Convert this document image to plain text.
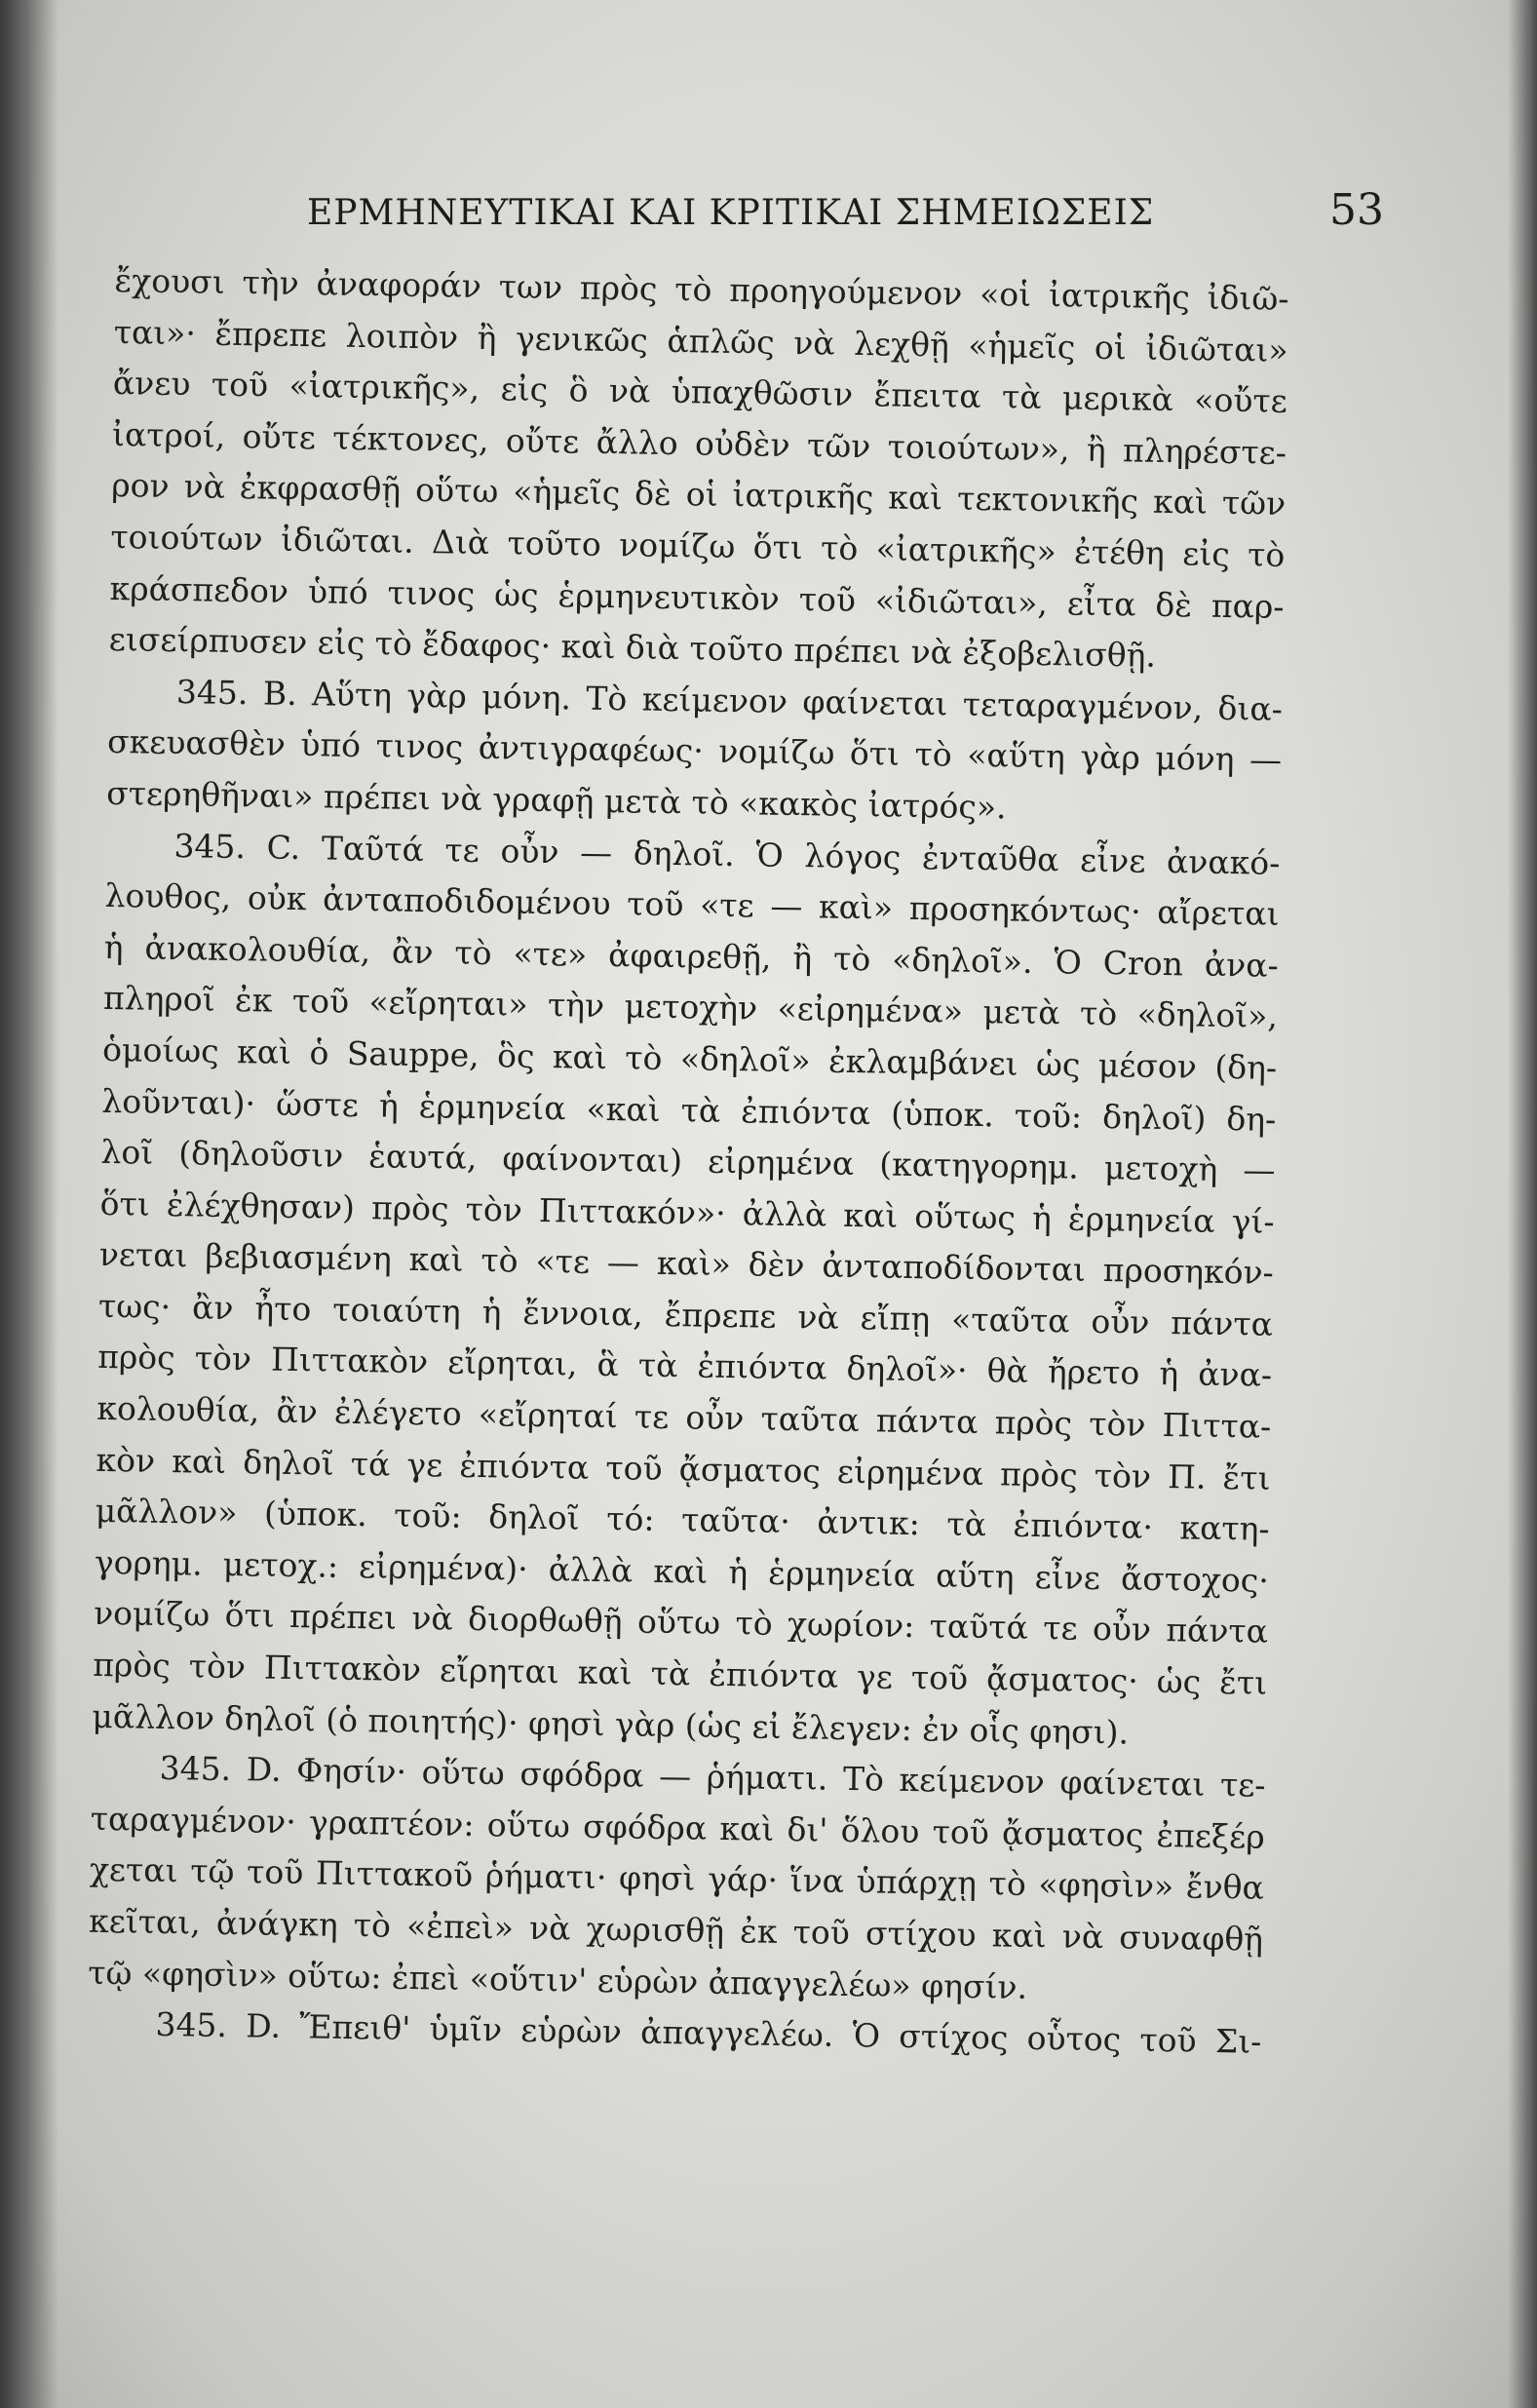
ΕΡΜΗΝΕΥΤΙΚΑΙ ΚΑΙ ΚΡΙΤΙΚΑΙ ΣΗΜΕΙΩΣΕΙΣ	53
ἔχουσι τὴν ἀναφοράν των πρὸς τὸ προηγούμενον «οἱ ἰατρικῆς ἰδιῶ-
ται»· ἔπρεπε λοιπὸν ἢ γενικῶς ἁπλῶς νὰ λεχθῇ «ἡμεῖς οἱ ἰδιῶται»
ἄνευ τοῦ «ἰατρικῆς», εἰς ὃ νὰ ὑπαχθῶσιν ἔπειτα τὰ μερικὰ «οὔτε
ἰατροί, οὔτε τέκτονες, οὔτε ἄλλο οὐδὲν τῶν τοιούτων», ἢ πληρέστε-
ρον νὰ ἐκφρασθῇ οὕτω «ἡμεῖς δὲ οἱ ἰατρικῆς καὶ τεκτονικῆς καὶ τῶν
τοιούτων ἰδιῶται. Διὰ τοῦτο νομίζω ὅτι τὸ «ἰατρικῆς» ἐτέθη εἰς τὸ
κράσπεδον ὑπό τινος ὡς ἑρμηνευτικὸν τοῦ «ἰδιῶται», εἶτα δὲ παρ-
εισείρπυσεν εἰς τὸ ἔδαφος· καὶ διὰ τοῦτο πρέπει νὰ ἐξοβελισθῇ.
345. Β. Αὕτη γὰρ μόνη. Τὸ κείμενον φαίνεται τεταραγμένον, δια-
σκευασθὲν ὑπό τινος ἀντιγραφέως· νομίζω ὅτι τὸ «αὕτη γὰρ μόνη —
στερηθῆναι» πρέπει νὰ γραφῇ μετὰ τὸ «κακὸς ἰατρός».
345. C. Ταῦτά τε οὖν — δηλοῖ. Ὁ λόγος ἐνταῦθα εἶνε ἀνακό-
λουθος, οὐκ ἀνταποδιδομένου τοῦ «τε — καὶ» προσηκόντως· αἴρεται
ἡ ἀνακολουθία, ἂν τὸ «τε» ἀφαιρεθῇ, ἢ τὸ «δηλοῖ». Ὁ Cron ἀνα-
πληροῖ ἐκ τοῦ «εἴρηται» τὴν μετοχὴν «εἰρημένα» μετὰ τὸ «δηλοῖ»,
ὁμοίως καὶ ὁ Sauppe, ὃς καὶ τὸ «δηλοῖ» ἐκλαμβάνει ὡς μέσον (δη-
λοῦνται)· ὥστε ἡ ἑρμηνεία «καὶ τὰ ἐπιόντα (ὑποκ. τοῦ: δηλοῖ) δη-
λοῖ (δηλοῦσιν ἑαυτά, φαίνονται) εἰρημένα (κατηγορημ. μετοχὴ —
ὅτι ἐλέχθησαν) πρὸς τὸν Πιττακόν»· ἀλλὰ καὶ οὕτως ἡ ἑρμηνεία γί-
νεται βεβιασμένη καὶ τὸ «τε — καὶ» δὲν ἀνταποδίδονται προσηκόν-
τως· ἂν ἦτο τοιαύτη ἡ ἔννοια, ἔπρεπε νὰ εἴπῃ «ταῦτα οὖν πάντα
πρὸς τὸν Πιττακὸν εἴρηται, ἃ τὰ ἐπιόντα δηλοῖ»· θὰ ἤρετο ἡ ἀνα-
κολουθία, ἂν ἐλέγετο «εἴρηταί τε οὖν ταῦτα πάντα πρὸς τὸν Πιττα-
κὸν καὶ δηλοῖ τά γε ἐπιόντα τοῦ ᾄσματος εἰρημένα πρὸς τὸν Π. ἔτι
μᾶλλον» (ὑποκ. τοῦ: δηλοῖ τό: ταῦτα· ἀντικ: τὰ ἐπιόντα· κατη-
γορημ. μετοχ.: εἰρημένα)· ἀλλὰ καὶ ἡ ἑρμηνεία αὕτη εἶνε ἄστοχος·
νομίζω ὅτι πρέπει νὰ διορθωθῇ οὕτω τὸ χωρίον: ταῦτά τε οὖν πάντα
πρὸς τὸν Πιττακὸν εἴρηται καὶ τὰ ἐπιόντα γε τοῦ ᾄσματος· ὡς ἔτι
μᾶλλον δηλοῖ (ὁ ποιητής)· φησὶ γὰρ (ὡς εἰ ἔλεγεν: ἐν οἷς φησι).
345. D. Φησίν· οὕτω σφόδρα — ῥήματι. Τὸ κείμενον φαίνεται τε-
ταραγμένον· γραπτέον: οὕτω σφόδρα καὶ δι' ὅλου τοῦ ᾄσματος ἐπεξέρ
χεται τῷ τοῦ Πιττακοῦ ῥήματι· φησὶ γάρ· ἵνα ὑπάρχῃ τὸ «φησὶν» ἔνθα
κεῖται, ἀνάγκη τὸ «ἐπεὶ» νὰ χωρισθῇ ἐκ τοῦ στίχου καὶ νὰ συναφθῇ
τῷ «φησὶν» οὕτω: ἐπεὶ «οὕτιν' εὑρὼν ἀπαγγελέω» φησίν.
345. D. Ἔπειθ' ὑμῖν εὑρὼν ἀπαγγελέω. Ὁ στίχος οὗτος τοῦ Σι-
